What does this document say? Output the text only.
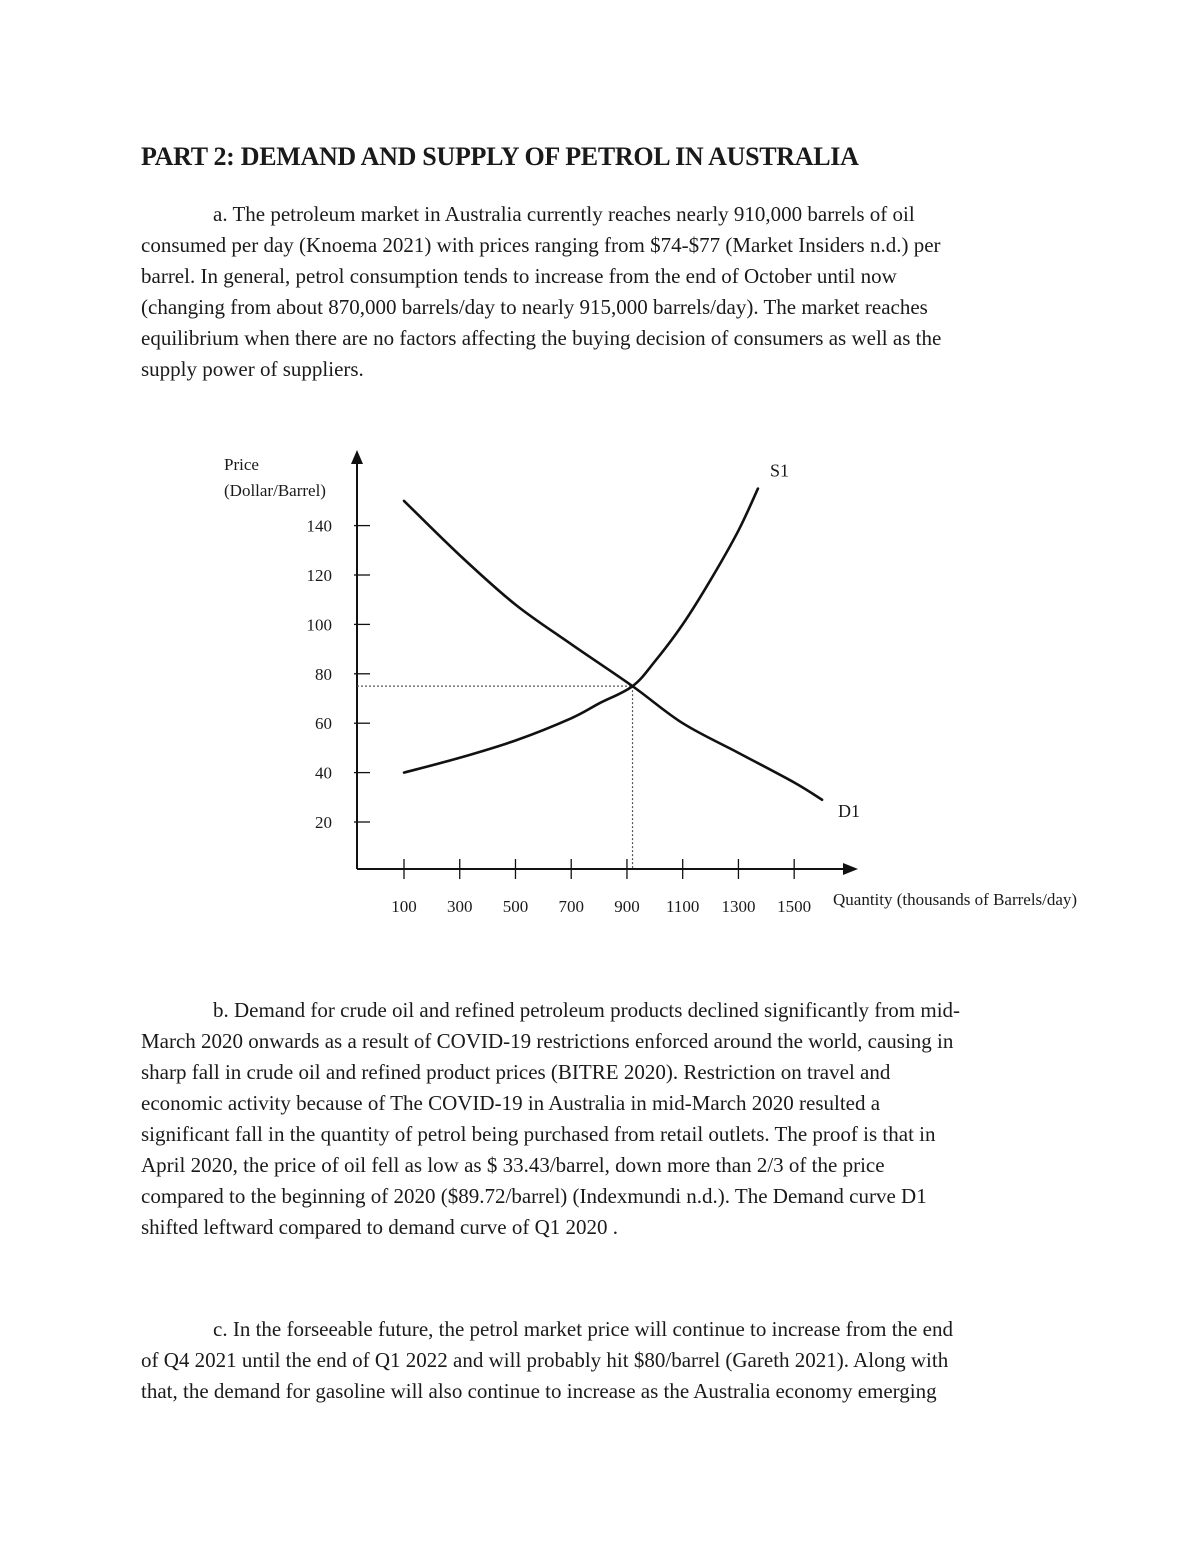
PART 2: DEMAND AND SUPPLY OF PETROL IN AUSTRALIA
a. The petroleum market in Australia currently reaches nearly 910,000 barrels of oil
consumed per day (Knoema 2021) with prices ranging from $74-$77 (Market Insiders n.d.) per
barrel. In general, petrol consumption tends to increase from the end of October until now
(changing from about 870,000 barrels/day to nearly 915,000 barrels/day). The market reaches
equilibrium when there are no factors affecting the buying decision of consumers as well as the
supply power of suppliers.
20
40
60
80
100
120
140
100 300 500 700 900 1100 1300 1500
Price
(Dollar/Barrel)
Quantity (thousands of Barrels/day)
S1
D1
b. Demand for crude oil and refined petroleum products declined significantly from mid-
March 2020 onwards as a result of COVID-19 restrictions enforced around the world, causing in
sharp fall in crude oil and refined product prices (BITRE 2020). Restriction on travel and
economic activity because of The COVID-19 in Australia in mid-March 2020 resulted a
significant fall in the quantity of petrol being purchased from retail outlets. The proof is that in
April 2020, the price of oil fell as low as $ 33.43/barrel, down more than 2/3 of the price
compared to the beginning of 2020 ($89.72/barrel) (Indexmundi n.d.). The Demand curve D1
shifted leftward compared to demand curve of Q1 2020 .
c. In the forseeable future, the petrol market price will continue to increase from the end
of Q4 2021 until the end of Q1 2022 and will probably hit $80/barrel (Gareth 2021). Along with
that, the demand for gasoline will also continue to increase as the Australia economy emerging
